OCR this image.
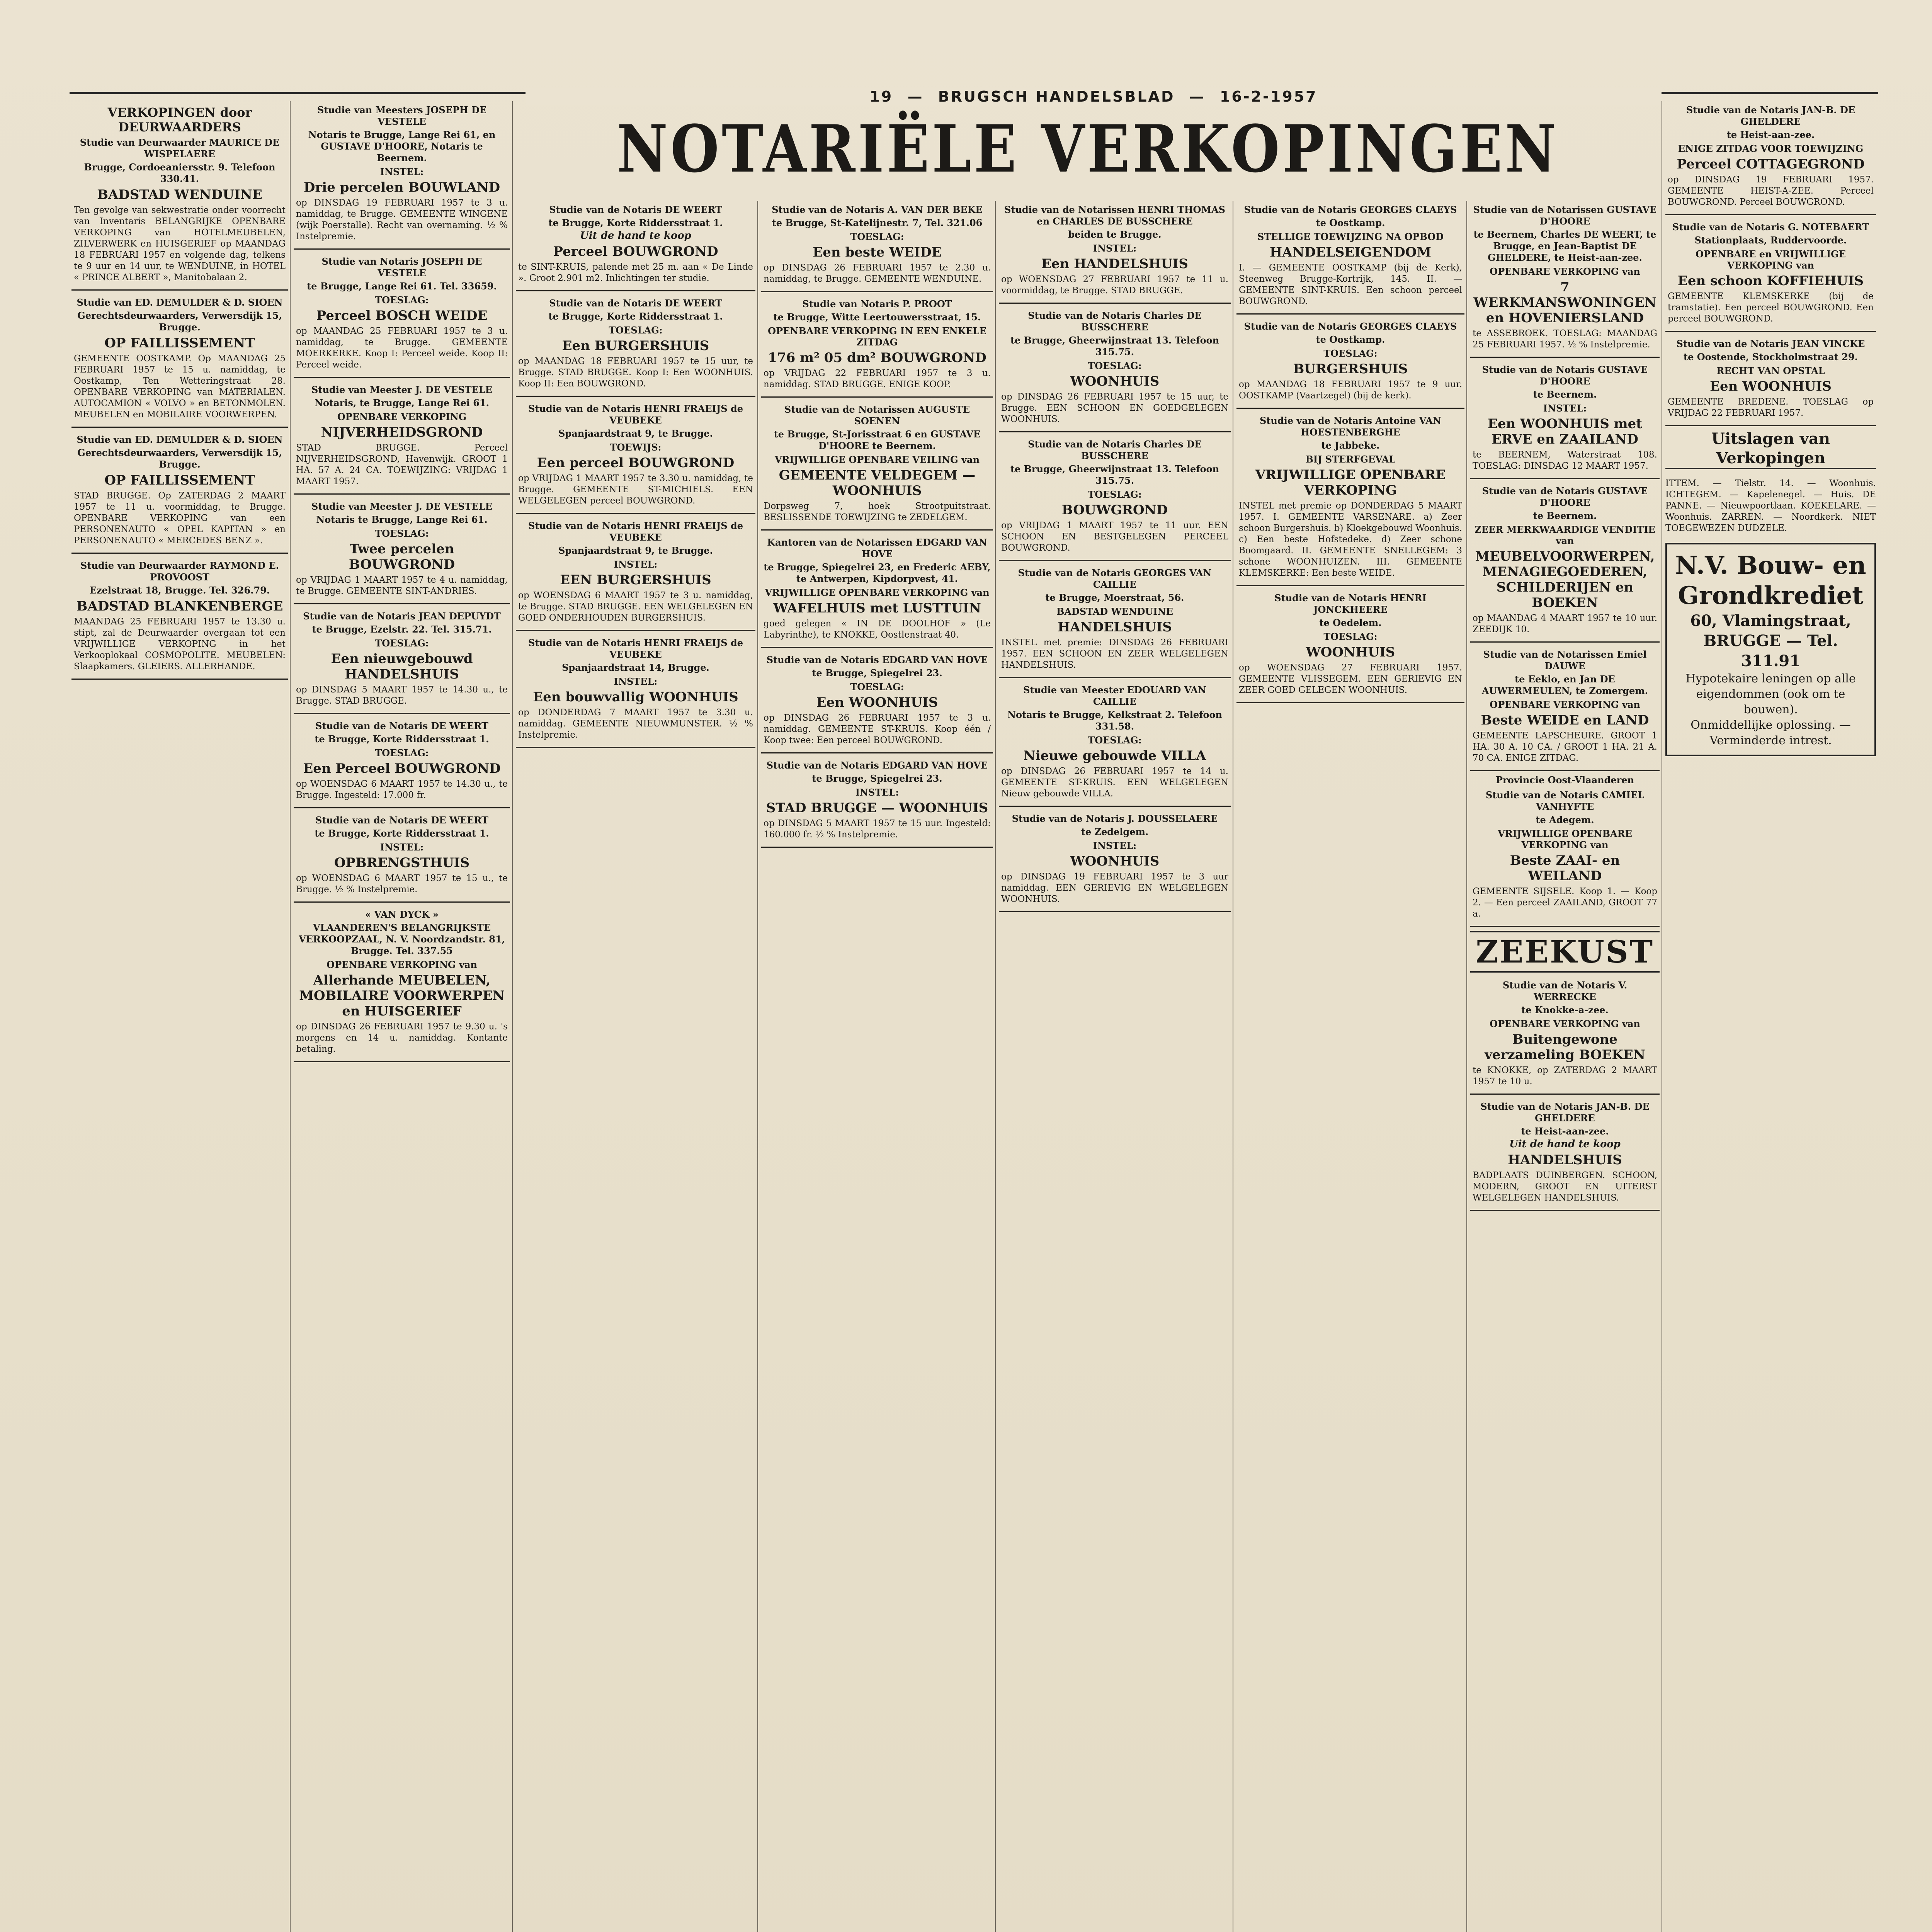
19 — BRUGSCH HANDELSBLAD — 16-2-1957
NOTARIËLE VERKOPINGEN
VERKOPINGEN door DEURWAARDERS
Studie van Deurwaarder MAURICE DE WISPELAERE
Brugge, Cordoeaniersstr. 9. Telefoon 330.41.
BADSTAD WENDUINE

Ten gevolge van sekwestratie onder voorrecht van Inventaris BELANGRIJKE OPENBARE VERKOPING van HOTELMEUBELEN, ZILVERWERK en HUISGERIEF op MAANDAG 18 FEBRUARI 1957 en volgende dag, telkens te 9 uur en 14 uur, te WENDUINE, in HOTEL « PRINCE ALBERT », Manitobalaan 2.

Studie van ED. DEMULDER & D. SIOEN
Gerechtsdeurwaarders, Verwersdijk 15, Brugge.
OP FAILLISSEMENT

GEMEENTE OOSTKAMP. Op MAANDAG 25 FEBRUARI 1957 te 15 u. namiddag, te Oostkamp, Ten Wetteringstraat 28. OPENBARE VERKOPING van MATERIALEN. AUTOCAMION « VOLVO » en BETONMOLEN. MEUBELEN en MOBILAIRE VOORWERPEN.

Studie van ED. DEMULDER & D. SIOEN
Gerechtsdeurwaarders, Verwersdijk 15, Brugge.
OP FAILLISSEMENT

STAD BRUGGE. Op ZATERDAG 2 MAART 1957 te 11 u. voormiddag, te Brugge. OPENBARE VERKOPING van een PERSONENAUTO « OPEL KAPITAN » en PERSONENAUTO « MERCEDES BENZ ».

Studie van Deurwaarder RAYMOND E. PROVOOST
Ezelstraat 18, Brugge. Tel. 326.79.
BADSTAD BLANKENBERGE

MAANDAG 25 FEBRUARI 1957 te 13.30 u. stipt, zal de Deurwaarder overgaan tot een VRIJWILLIGE VERKOPING in het Verkooplokaal COSMOPOLITE. MEUBELEN: Slaapkamers. GLEIERS. ALLERHANDE.

Studie van Meesters JOSEPH DE VESTELE
Notaris te Brugge, Lange Rei 61, en GUSTAVE D'HOORE, Notaris te Beernem.
INSTEL:
Drie percelen BOUWLAND

op DINSDAG 19 FEBRUARI 1957 te 3 u. namiddag, te Brugge. GEMEENTE WINGENE (wijk Poerstalle). Recht van overnaming. ½ % Instelpremie.

Studie van Notaris JOSEPH DE VESTELE
te Brugge, Lange Rei 61. Tel. 33659.
TOESLAG:
Perceel BOSCH WEIDE

op MAANDAG 25 FEBRUARI 1957 te 3 u. namiddag, te Brugge. GEMEENTE MOERKERKE. Koop I: Perceel weide. Koop II: Perceel weide.

Studie van Meester J. DE VESTELE
Notaris, te Brugge, Lange Rei 61.
OPENBARE VERKOPING
NIJVERHEIDSGROND

STAD BRUGGE. Perceel NIJVERHEIDSGROND, Havenwijk. GROOT 1 HA. 57 A. 24 CA. TOEWIJZING: VRIJDAG 1 MAART 1957.

Studie van Meester J. DE VESTELE
Notaris te Brugge, Lange Rei 61.
TOESLAG:
Twee percelen BOUWGROND

op VRIJDAG 1 MAART 1957 te 4 u. namiddag, te Brugge. GEMEENTE SINT-ANDRIES.

Studie van de Notaris JEAN DEPUYDT
te Brugge, Ezelstr. 22. Tel. 315.71.
TOESLAG:
Een nieuwgebouwd HANDELSHUIS

op DINSDAG 5 MAART 1957 te 14.30 u., te Brugge. STAD BRUGGE.

Studie van de Notaris DE WEERT
te Brugge, Korte Riddersstraat 1.
TOESLAG:
Een Perceel BOUWGROND

op WOENSDAG 6 MAART 1957 te 14.30 u., te Brugge. Ingesteld: 17.000 fr.

Studie van de Notaris DE WEERT
te Brugge, Korte Riddersstraat 1.
INSTEL:
OPBRENGSTHUIS

op WOENSDAG 6 MAART 1957 te 15 u., te Brugge. ½ % Instelpremie.

« VAN DYCK »
VLAANDEREN'S BELANGRIJKSTE VERKOOPZAAL, N. V. Noordzandstr. 81, Brugge. Tel. 337.55
OPENBARE VERKOPING van
Allerhande MEUBELEN, MOBILAIRE VOORWERPEN en HUISGERIEF

op DINSDAG 26 FEBRUARI 1957 te 9.30 u. 's morgens en 14 u. namiddag. Kontante betaling.

Studie van de Notaris DE WEERT
te Brugge, Korte Riddersstraat 1.
Uit de hand te koop
Perceel BOUWGROND

te SINT-KRUIS, palende met 25 m. aan « De Linde ». Groot 2.901 m2. Inlichtingen ter studie.

Studie van de Notaris DE WEERT
te Brugge, Korte Riddersstraat 1.
TOESLAG:
Een BURGERSHUIS

op MAANDAG 18 FEBRUARI 1957 te 15 uur, te Brugge. STAD BRUGGE. Koop I: Een WOONHUIS. Koop II: Een BOUWGROND.

Studie van de Notaris HENRI FRAEIJS de VEUBEKE
Spanjaardstraat 9, te Brugge.
TOEWIJS:
Een perceel BOUWGROND

op VRIJDAG 1 MAART 1957 te 3.30 u. namiddag, te Brugge. GEMEENTE ST-MICHIELS. EEN WELGELEGEN perceel BOUWGROND.

Studie van de Notaris HENRI FRAEIJS de VEUBEKE
Spanjaardstraat 9, te Brugge.
INSTEL:
EEN BURGERSHUIS

op WOENSDAG 6 MAART 1957 te 3 u. namiddag, te Brugge. STAD BRUGGE. EEN WELGELEGEN EN GOED ONDERHOUDEN BURGERSHUIS.

Studie van de Notaris HENRI FRAEIJS de VEUBEKE
Spanjaardstraat 14, Brugge.
INSTEL:
Een bouwvallig WOONHUIS

op DONDERDAG 7 MAART 1957 te 3.30 u. namiddag. GEMEENTE NIEUWMUNSTER. ½ % Instelpremie.

Studie van de Notaris A. VAN DER BEKE
te Brugge, St-Katelijnestr. 7, Tel. 321.06
TOESLAG:
Een beste WEIDE

op DINSDAG 26 FEBRUARI 1957 te 2.30 u. namiddag, te Brugge. GEMEENTE WENDUINE.

Studie van Notaris P. PROOT
te Brugge, Witte Leertouwersstraat, 15.
OPENBARE VERKOPING IN EEN ENKELE ZITDAG
176 m² 05 dm² BOUWGROND

op VRIJDAG 22 FEBRUARI 1957 te 3 u. namiddag. STAD BRUGGE. ENIGE KOOP.

Studie van de Notarissen AUGUSTE SOENEN
te Brugge, St-Jorisstraat 6 en GUSTAVE D'HOORE te Beernem.
VRIJWILLIGE OPENBARE VEILING van
GEMEENTE VELDEGEM — WOONHUIS

Dorpsweg 7, hoek Strootpuitstraat. BESLISSENDE TOEWIJZING te ZEDELGEM.

Kantoren van de Notarissen EDGARD VAN HOVE
te Brugge, Spiegelrei 23, en Frederic AEBY, te Antwerpen, Kipdorpvest, 41.
VRIJWILLIGE OPENBARE VERKOPING van
WAFELHUIS met LUSTTUIN

goed gelegen « IN DE DOOLHOF » (Le Labyrinthe), te KNOKKE, Oostlenstraat 40.

Studie van de Notaris EDGARD VAN HOVE
te Brugge, Spiegelrei 23.
TOESLAG:
Een WOONHUIS

op DINSDAG 26 FEBRUARI 1957 te 3 u. namiddag. GEMEENTE ST-KRUIS. Koop één / Koop twee: Een perceel BOUWGROND.

Studie van de Notaris EDGARD VAN HOVE
te Brugge, Spiegelrei 23.
INSTEL:
STAD BRUGGE — WOONHUIS

op DINSDAG 5 MAART 1957 te 15 uur. Ingesteld: 160.000 fr. ½ % Instelpremie.

Studie van de Notarissen HENRI THOMAS en CHARLES DE BUSSCHERE
beiden te Brugge.
INSTEL:
Een HANDELSHUIS

op WOENSDAG 27 FEBRUARI 1957 te 11 u. voormiddag, te Brugge. STAD BRUGGE.

Studie van de Notaris Charles DE BUSSCHERE
te Brugge, Gheerwijnstraat 13. Telefoon 315.75.
TOESLAG:
WOONHUIS

op DINSDAG 26 FEBRUARI 1957 te 15 uur, te Brugge. EEN SCHOON EN GOEDGELEGEN WOONHUIS.

Studie van de Notaris Charles DE BUSSCHERE
te Brugge, Gheerwijnstraat 13. Telefoon 315.75.
TOESLAG:
BOUWGROND

op VRIJDAG 1 MAART 1957 te 11 uur. EEN SCHOON EN BESTGELEGEN PERCEEL BOUWGROND.

Studie van de Notaris GEORGES VAN CAILLIE
te Brugge, Moerstraat, 56.
BADSTAD WENDUINE
HANDELSHUIS

INSTEL met premie: DINSDAG 26 FEBRUARI 1957. EEN SCHOON EN ZEER WELGELEGEN HANDELSHUIS.

Studie van Meester EDOUARD VAN CAILLIE
Notaris te Brugge, Kelkstraat 2. Telefoon 331.58.
TOESLAG:
Nieuwe gebouwde VILLA

op DINSDAG 26 FEBRUARI 1957 te 14 u. GEMEENTE ST-KRUIS. EEN WELGELEGEN Nieuw gebouwde VILLA.

Studie van de Notaris J. DOUSSELAERE
te Zedelgem.
INSTEL:
WOONHUIS

op DINSDAG 19 FEBRUARI 1957 te 3 uur namiddag. EEN GERIEVIG EN WELGELEGEN WOONHUIS.

Studie van de Notaris GEORGES CLAEYS
te Oostkamp.
STELLIGE TOEWIJZING NA OPBOD
HANDELSEIGENDOM

I. — GEMEENTE OOSTKAMP (bij de Kerk), Steenweg Brugge-Kortrijk, 145. II. — GEMEENTE SINT-KRUIS. Een schoon perceel BOUWGROND.

Studie van de Notaris GEORGES CLAEYS
te Oostkamp.
TOESLAG:
BURGERSHUIS

op MAANDAG 18 FEBRUARI 1957 te 9 uur. OOSTKAMP (Vaartzegel) (bij de kerk).

Studie van de Notaris Antoine VAN HOESTENBERGHE
te Jabbeke.
BIJ STERFGEVAL
VRIJWILLIGE OPENBARE VERKOPING

INSTEL met premie op DONDERDAG 5 MAART 1957. I. GEMEENTE VARSENARE. a) Zeer schoon Burgershuis. b) Kloekgebouwd Woonhuis. c) Een beste Hofstedeke. d) Zeer schone Boomgaard. II. GEMEENTE SNELLEGEM: 3 schone WOONHUIZEN. III. GEMEENTE KLEMSKERKE: Een beste WEIDE.

Studie van de Notaris HENRI JONCKHEERE
te Oedelem.
TOESLAG:
WOONHUIS

op WOENSDAG 27 FEBRUARI 1957. GEMEENTE VLISSEGEM. EEN GERIEVIG EN ZEER GOED GELEGEN WOONHUIS.

Studie van de Notarissen GUSTAVE D'HOORE
te Beernem, Charles DE WEERT, te Brugge, en Jean-Baptist DE GHELDERE, te Heist-aan-zee.
OPENBARE VERKOPING van
7 WERKMANSWONINGEN en HOVENIERSLAND

te ASSEBROEK. TOESLAG: MAANDAG 25 FEBRUARI 1957. ½ % Instelpremie.

Studie van de Notaris GUSTAVE D'HOORE
te Beernem.
INSTEL:
Een WOONHUIS met ERVE en ZAAILAND

te BEERNEM, Waterstraat 108. TOESLAG: DINSDAG 12 MAART 1957.

Studie van de Notaris GUSTAVE D'HOORE
te Beernem.
ZEER MERKWAARDIGE VENDITIE van
MEUBELVOORWERPEN, MENAGIEGOEDEREN, SCHILDERIJEN en BOEKEN

op MAANDAG 4 MAART 1957 te 10 uur. ZEEDIJK 10.

Studie van de Notarissen Emiel DAUWE
te Eeklo, en Jan DE AUWERMEULEN, te Zomergem.
OPENBARE VERKOPING van
Beste WEIDE en LAND

GEMEENTE LAPSCHEURE. GROOT 1 HA. 30 A. 10 CA. / GROOT 1 HA. 21 A. 70 CA. ENIGE ZITDAG.

Provincie Oost-Vlaanderen
Studie van de Notaris CAMIEL VANHYFTE
te Adegem.
VRIJWILLIGE OPENBARE VERKOPING van
Beste ZAAI- en WEILAND

GEMEENTE SIJSELE. Koop 1. — Koop 2. — Een perceel ZAAILAND, GROOT 77 a.

ZEEKUST
Studie van de Notaris V. WERRECKE
te Knokke-a-zee.
OPENBARE VERKOPING van
Buitengewone verzameling BOEKEN

te KNOKKE, op ZATERDAG 2 MAART 1957 te 10 u.

Studie van de Notaris JAN-B. DE GHELDERE
te Heist-aan-zee.
Uit de hand te koop
HANDELSHUIS

BADPLAATS DUINBERGEN. SCHOON, MODERN, GROOT EN UITERST WELGELEGEN HANDELSHUIS.

Studie van de Notaris JAN-B. DE GHELDERE
te Heist-aan-zee.
ENIGE ZITDAG VOOR TOEWIJZING
Perceel COTTAGEGROND

op DINSDAG 19 FEBRUARI 1957. GEMEENTE HEIST-A-ZEE. Perceel BOUWGROND. Perceel BOUWGROND.

Studie van de Notaris G. NOTEBAERT
Stationplaats, Ruddervoorde.
OPENBARE en VRIJWILLIGE VERKOPING van
Een schoon KOFFIEHUIS

GEMEENTE KLEMSKERKE (bij de tramstatie). Een perceel BOUWGROND. Een perceel BOUWGROND.

Studie van de Notaris JEAN VINCKE
te Oostende, Stockholmstraat 29.
RECHT VAN OPSTAL
Een WOONHUIS

GEMEENTE BREDENE. TOESLAG op VRIJDAG 22 FEBRUARI 1957.

Uitslagen van Verkopingen

ITTEM. — Tielstr. 14. — Woonhuis. ICHTEGEM. — Kapelenegel. — Huis. DE PANNE. — Nieuwpoortlaan. KOEKELARE. — Woonhuis. ZARREN. — Noordkerk. NIET TOEGEWEZEN DUDZELE.

N.V. Bouw- en Grondkrediet
60, Vlamingstraat, BRUGGE — Tel. 311.91
Hypotekaire leningen op alle eigendommen (ook om te bouwen).
Onmiddellijke oplossing. — Verminderde intrest.
